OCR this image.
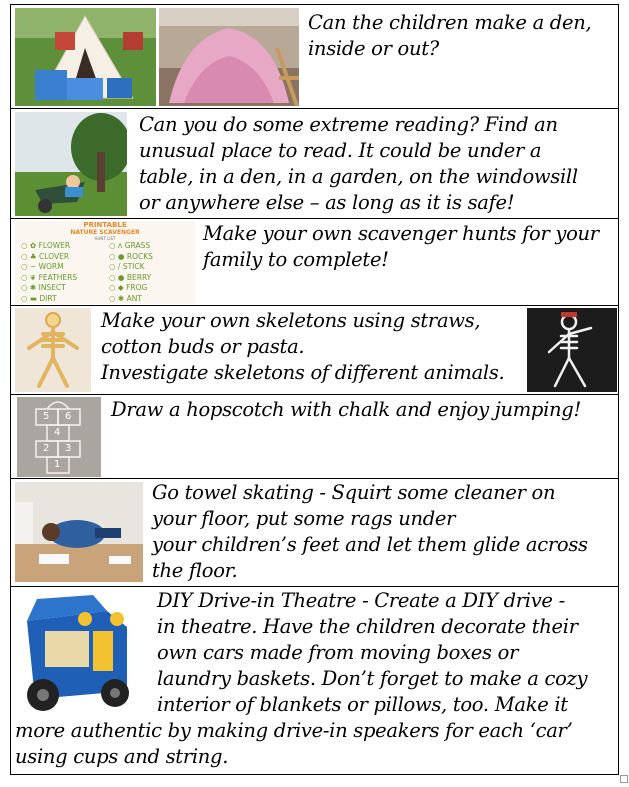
Can the children make a den,
inside or out?
Can you do some extreme reading? Find an
unusual place to read. It could be under a
table, in a den, in a garden, on the windowsill
or anywhere else – as long as it is safe!
PRINTABLE
NATURE SCAVENGER
HUNT LIST
○ ✿ FLOWER
○ ♣ CLOVER
○ ~ WORM
○ ❦ FEATHERS
○ ✱ INSECT
○ ▬ DIRT
○ ᴧ GRASS
○ ● ROCKS
○ / STICK
○ ● BERRY
○ ◆ FROG
○ ✱ ANT
Make your own scavenger hunts for your
family to complete!
Make your own skeletons using straws,
cotton buds or pasta.
Investigate skeletons of different animals.
1
2 3
4
5 6 Draw a hopscotch with chalk and enjoy jumping!
Go towel skating - Squirt some cleaner on
your floor, put some rags under
your children’s feet and let them glide across
the floor.
DIY Drive-in Theatre - Create a DIY drive -
in theatre. Have the children decorate their
own cars made from moving boxes or
laundry baskets. Don’t forget to make a cozy
interior of blankets or pillows, too. Make it
more authentic by making drive-in speakers for each ‘car’
using cups and string.
